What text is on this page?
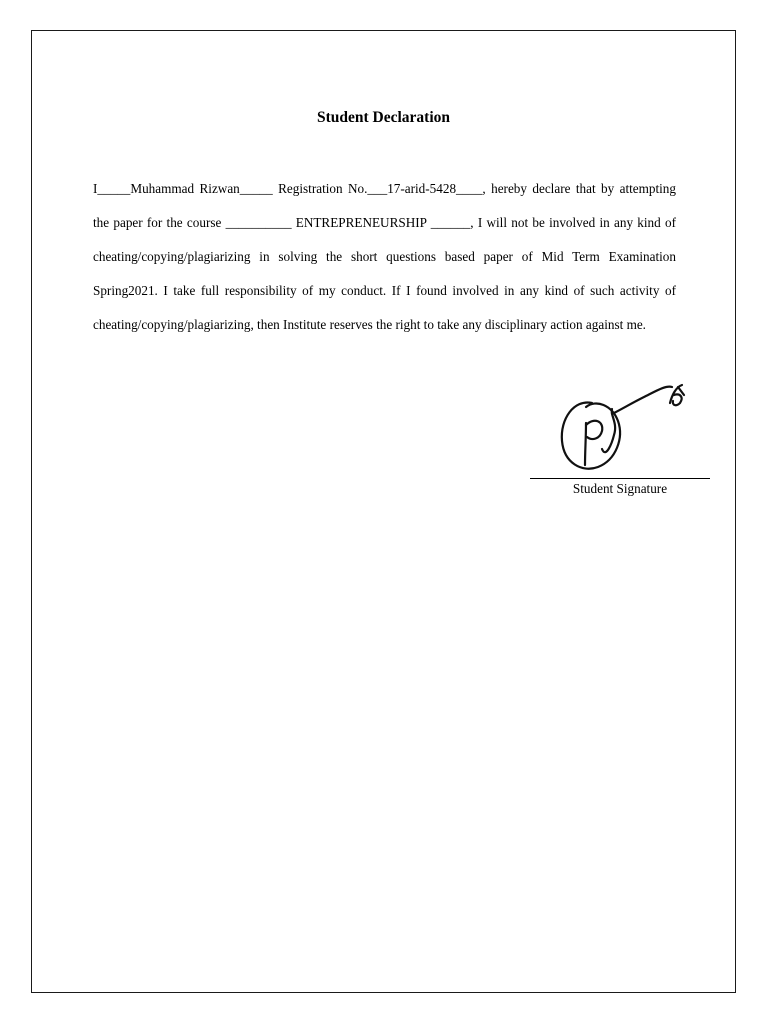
Student Declaration

I_____Muhammad Rizwan_____ Registration No.___17-arid-5428____, hereby declare that by attempting the paper for the course __________ ENTREPRENEURSHIP ______, I will not be involved in any kind of cheating/copying/plagiarizing in solving the short questions based paper of Mid Term Examination Spring2021. I take full responsibility of my conduct. If I found involved in any kind of such activity of cheating/copying/plagiarizing, then Institute reserves the right to take any disciplinary action against me.

Student Signature
